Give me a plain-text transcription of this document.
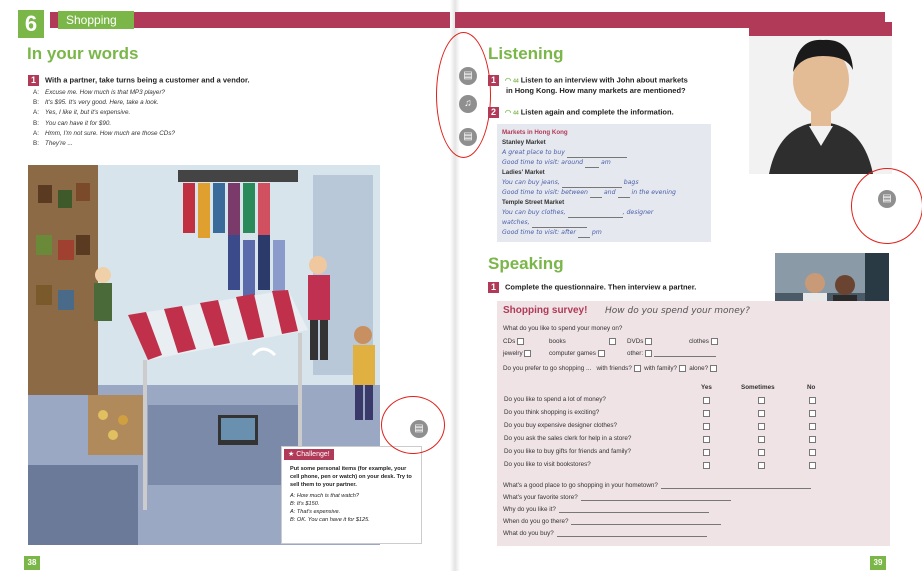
6	Shopping
In your words
1 With a partner, take turns being a customer and a vendor.
A: Excuse me. How much is that MP3 player?
B: It's $95. It's very good. Here, take a look.
A: Yes, I like it, but it's expensive.
B: You can have it for $90.
A: Hmm, I'm not sure. How much are those CDs?
B: They're ...
★ Challenge!
Put some personal items (for example, your cell phone, pen or watch) on your desk. Try to sell them to your partner.
A: How much is that watch?
B: It's $150.
A: That's expensive.
B: OK. You can have it for $125.
▤
38
▤
♫
▤
Listening
1 ◠ 44 Listen to an interview with John about markets
in Hong Kong. How many markets are mentioned?
2 ◠ 44 Listen again and complete the information.
Markets in Hong Kong
Stanley Market
A great place to buy
Good time to visit: around	am
Ladies' Market
You can buy jeans,	bags
Good time to visit: between	and	in the evening
Temple Street Market
You can buy clothes,	, designer
watches,
Good time to visit: after	pm
▤
Speaking
1 Complete the questionnaire. Then interview a partner.
Shopping survey! How do you spend your money?
What do you like to spend your money on?
CDs	books	DVDs	clothes
jewelry	computer games	other:
Do you prefer to go shopping ... with friends? with family? alone?
Yes	Sometimes	No
Do you like to spend a lot of money?
Do you think shopping is exciting?
Do you buy expensive designer clothes?
Do you ask the sales clerk for help in a store?
Do you like to buy gifts for friends and family?
Do you like to visit bookstores?
What's a good place to go shopping in your hometown?
What's your favorite store?
Why do you like it?
When do you go there?
What do you buy?
39
